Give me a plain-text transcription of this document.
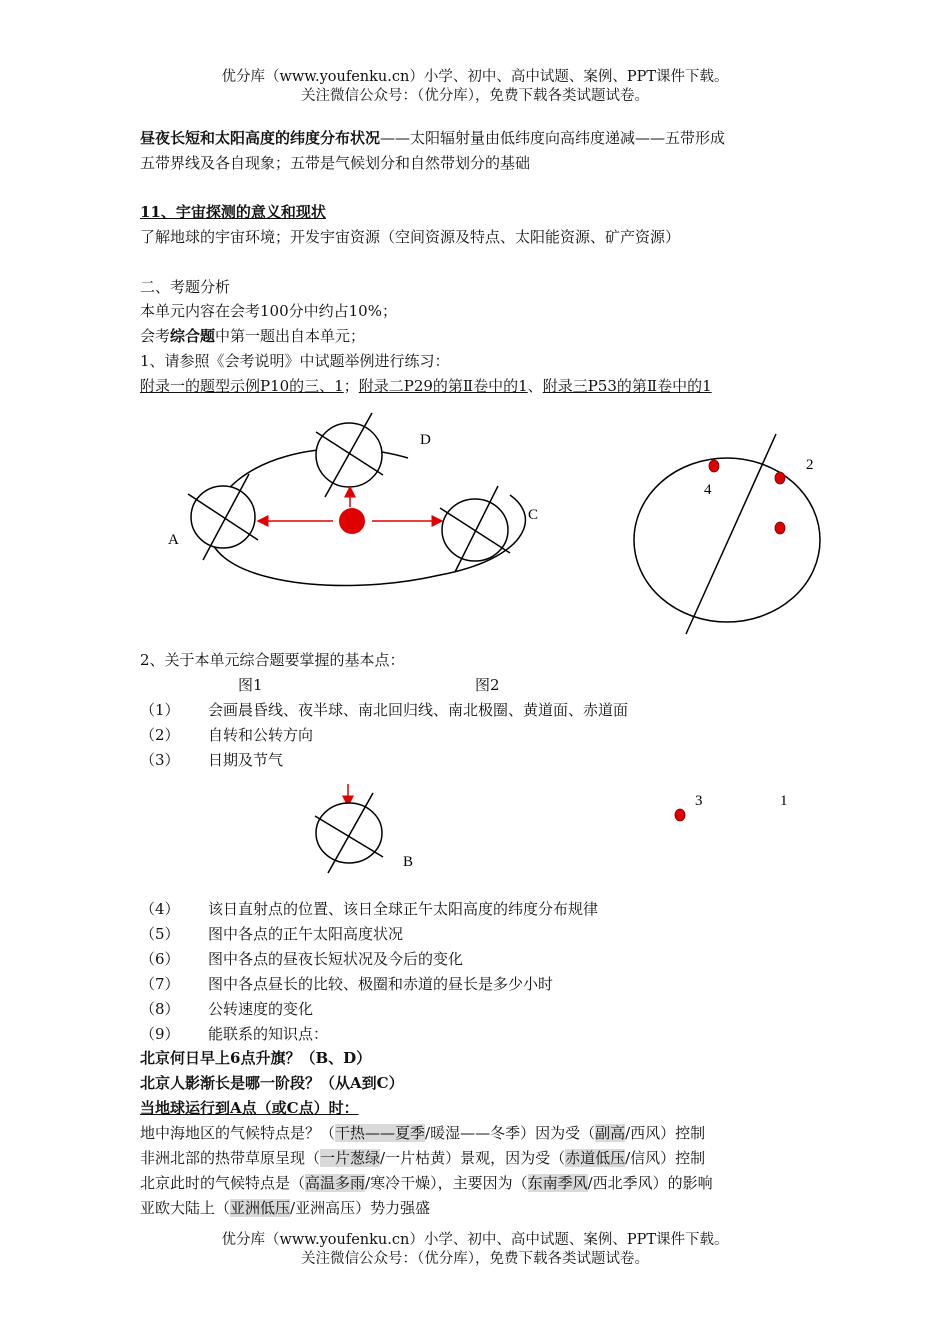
优分库（www.youfenku.cn）小学、初中、高中试题、案例、PPT课件下载。
关注微信公众号：（优分库），免费下载各类试题试卷。
昼夜长短和太阳高度的纬度分布状况——太阳辐射量由低纬度向高纬度递减——五带形成
五带界线及各自现象；五带是气候划分和自然带划分的基础
11、宇宙探测的意义和现状
了解地球的宇宙环境；开发宇宙资源（空间资源及特点、太阳能资源、矿产资源）
二、考题分析
本单元内容在会考100分中约占10%；
会考综合题中第一题出自本单元；
1、请参照《会考说明》中试题举例进行练习：
附录一的题型示例P10的三、1；附录二P29的第Ⅱ卷中的1、附录三P53的第Ⅱ卷中的1
A
D
C
4
2
B
3	1
2、关于本单元综合题要掌握的基本点：
图1	图2
（1） 会画晨昏线、夜半球、南北回归线、南北极圈、黄道面、赤道面
（2） 自转和公转方向
（3） 日期及节气
（4） 该日直射点的位置、该日全球正午太阳高度的纬度分布规律
（5） 图中各点的正午太阳高度状况
（6） 图中各点的昼夜长短状况及今后的变化
（7） 图中各点昼长的比较、极圈和赤道的昼长是多少小时
（8） 公转速度的变化
（9） 能联系的知识点：
北京何日早上6点升旗？（B、D）
北京人影渐长是哪一阶段？（从A到C）
当地球运行到A点（或C点）时：
地中海地区的气候特点是？（干热——夏季/暖湿——冬季）因为受（副高/西风）控制
非洲北部的热带草原呈现（一片葱绿/一片枯黄）景观，因为受（赤道低压/信风）控制
北京此时的气候特点是（高温多雨/寒冷干燥），主要因为（东南季风/西北季风）的影响
亚欧大陆上（亚洲低压/亚洲高压）势力强盛
优分库（www.youfenku.cn）小学、初中、高中试题、案例、PPT课件下载。
关注微信公众号：（优分库），免费下载各类试题试卷。
